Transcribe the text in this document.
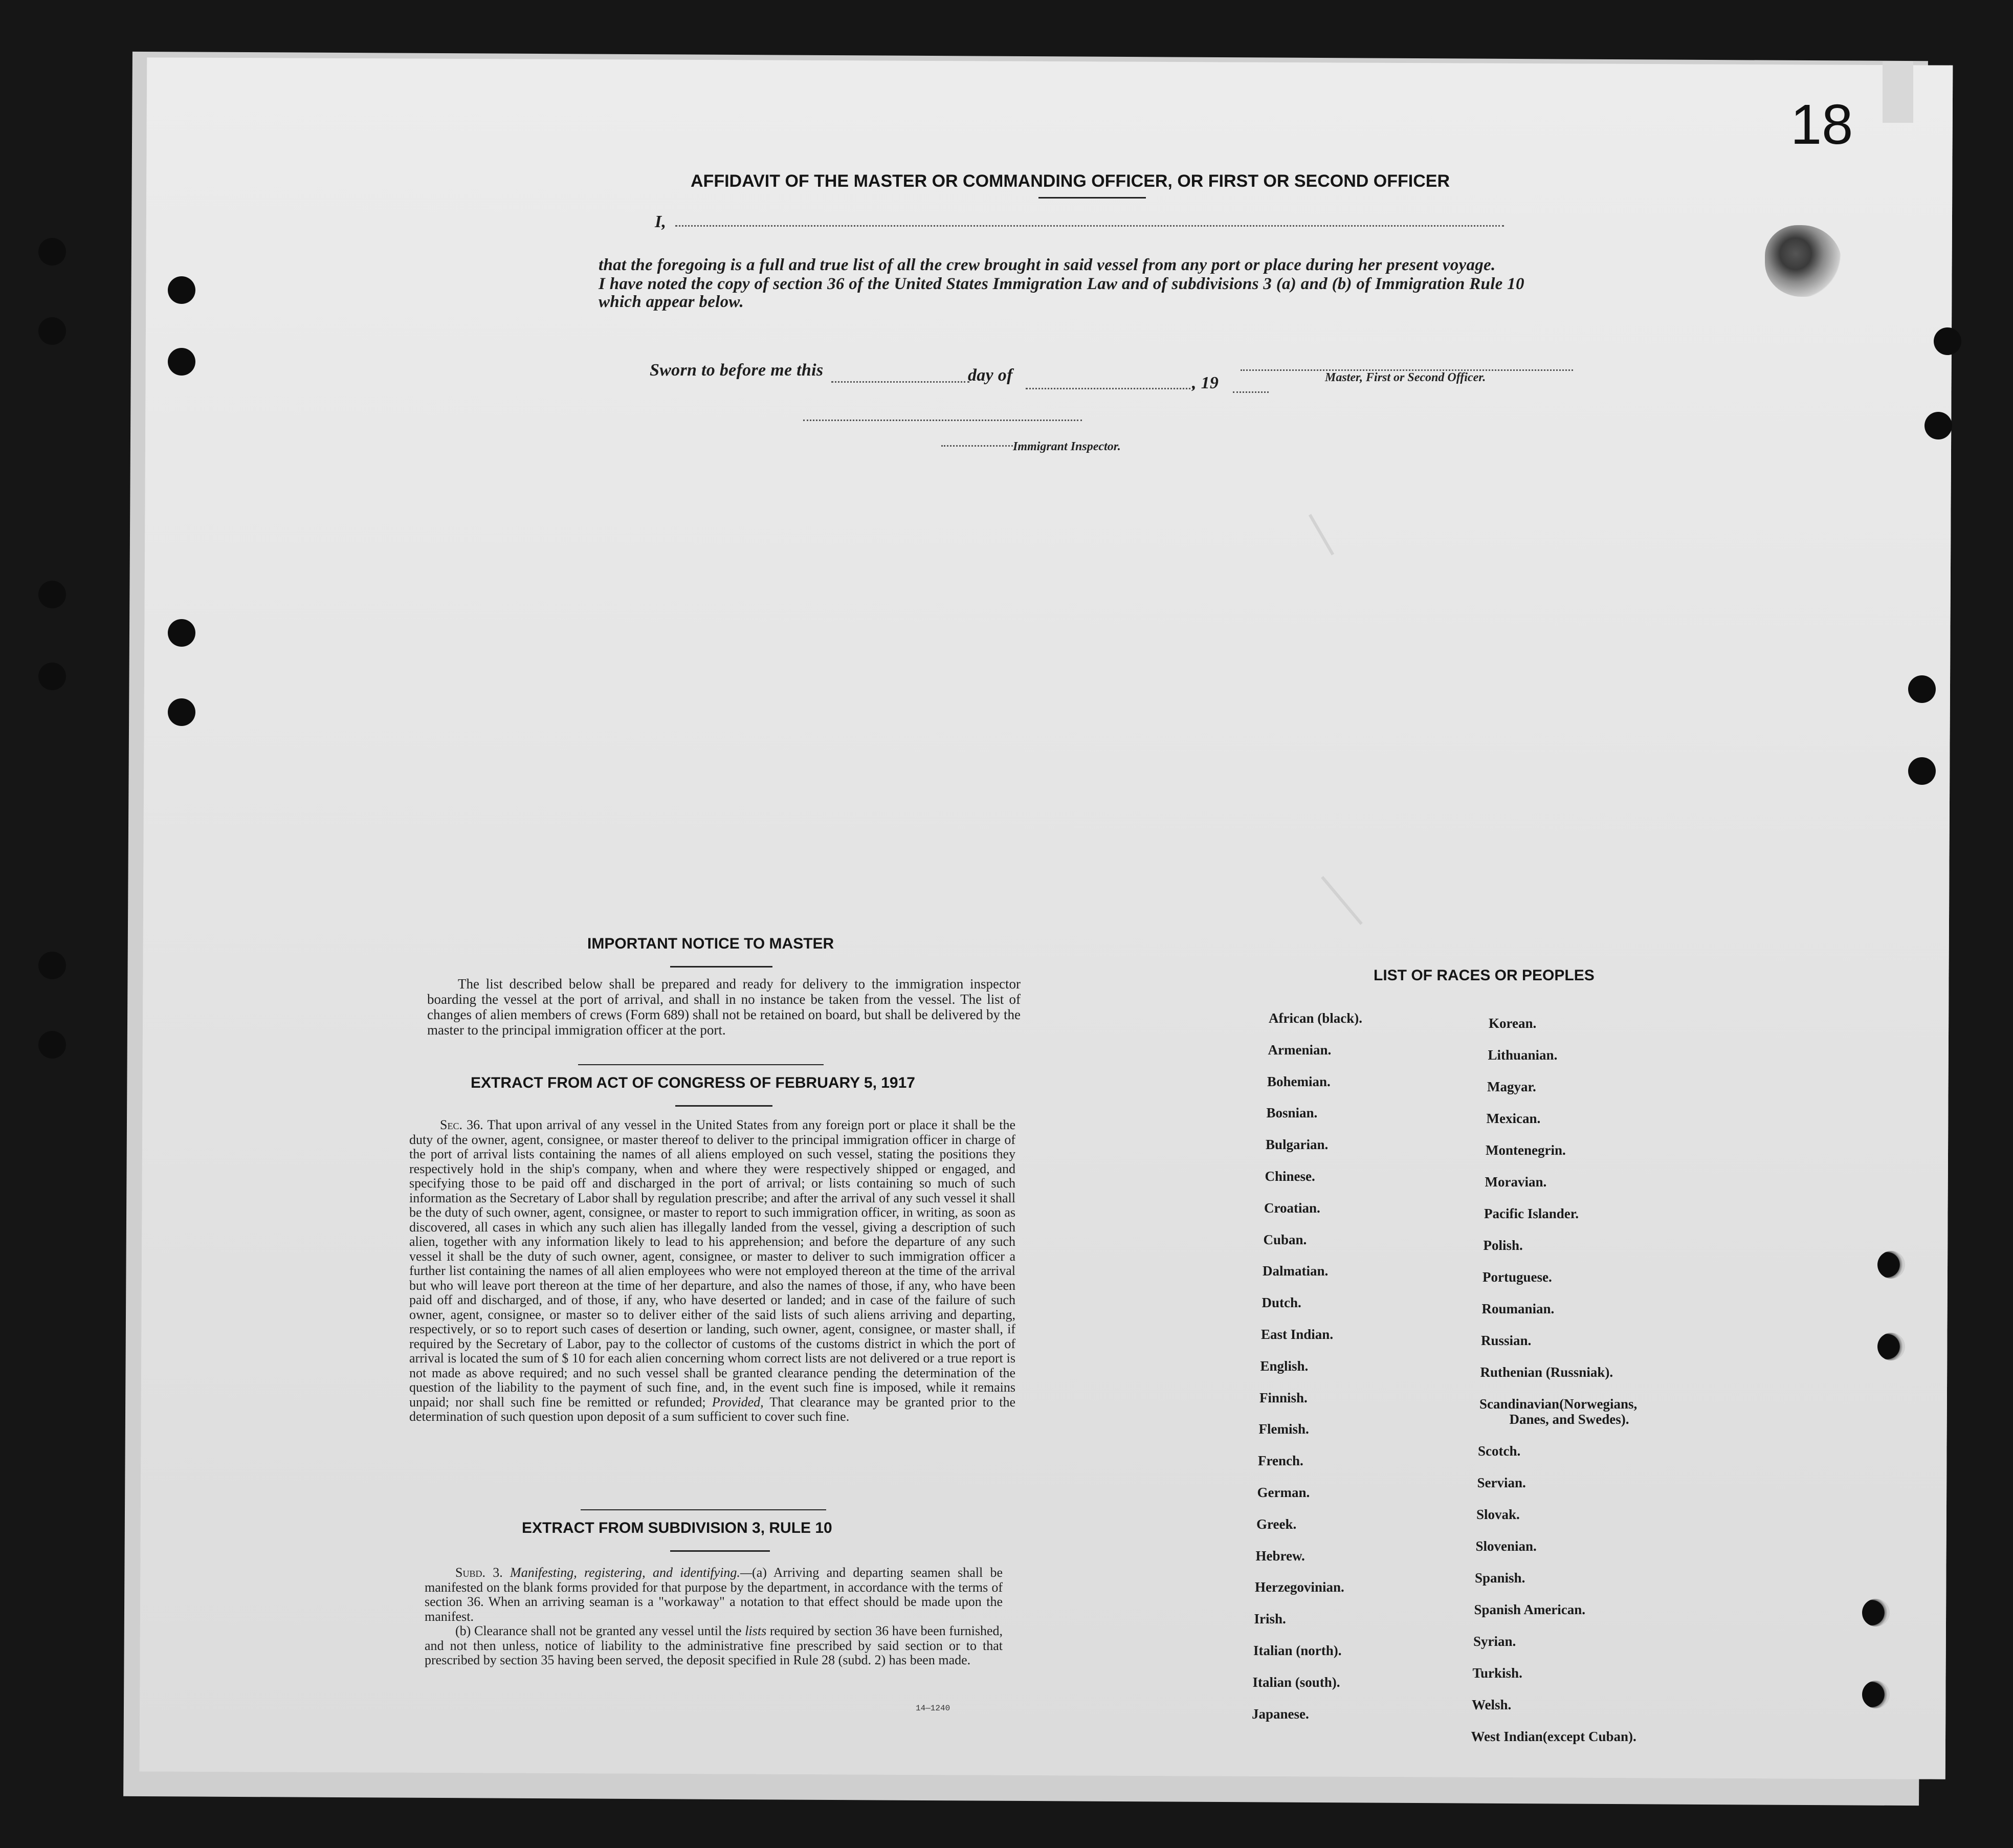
18
AFFIDAVIT OF THE MASTER OR COMMANDING OFFICER, OR FIRST OR SECOND OFFICER
I,
that the foregoing is a full and true list of all the crew brought in said vessel from any port or place during her present voyage.
I have noted the copy of section 36 of the United States Immigration Law and of subdivisions 3 (a) and (b) of Immigration Rule 10
which appear below.
Master, First or Second Officer.
Sworn to before me this	day of	, 19
Immigrant Inspector.
IMPORTANT NOTICE TO MASTER
The list described below shall be prepared and ready for delivery to the immigration inspector boarding the vessel at the port of arrival, and shall in no instance be taken from the vessel. The list of changes of alien members of crews (Form 689) shall not be retained on board, but shall be delivered by the master to the principal immigration officer at the port.
EXTRACT FROM ACT OF CONGRESS OF FEBRUARY 5, 1917
Sec. 36. That upon arrival of any vessel in the United States from any foreign port or place it shall be the duty of the owner, agent, consignee, or master thereof to deliver to the principal immigration officer in charge of the port of arrival lists containing the names of all aliens employed on such vessel, stating the positions they respectively hold in the ship's company, when and where they were respectively shipped or engaged, and specifying those to be paid off and discharged in the port of arrival; or lists containing so much of such information as the Secretary of Labor shall by regulation prescribe; and after the arrival of any such vessel it shall be the duty of such owner, agent, consignee, or master to report to such immigration officer, in writing, as soon as discovered, all cases in which any such alien has illegally landed from the vessel, giving a description of such alien, together with any information likely to lead to his apprehension; and before the departure of any such vessel it shall be the duty of such owner, agent, consignee, or master to deliver to such immigration officer a further list containing the names of all alien employees who were not employed thereon at the time of the arrival but who will leave port thereon at the time of her departure, and also the names of those, if any, who have been paid off and discharged, and of those, if any, who have deserted or landed; and in case of the failure of such owner, agent, consignee, or master so to deliver either of the said lists of such aliens arriving and departing, respectively, or so to report such cases of desertion or landing, such owner, agent, consignee, or master shall, if required by the Secretary of Labor, pay to the collector of customs of the customs district in which the port of arrival is located the sum of $ 10 for each alien concerning whom correct lists are not delivered or a true report is not made as above required; and no such vessel shall be granted clearance pending the determination of the question of the liability to the payment of such fine, and, in the event such fine is imposed, while it remains unpaid; nor shall such fine be remitted or refunded; Provided, That clearance may be granted prior to the determination of such question upon deposit of a sum sufficient to cover such fine.
EXTRACT FROM SUBDIVISION 3, RULE 10
Subd. 3. Manifesting, registering, and identifying.—(a) Arriving and departing seamen shall be manifested on the blank forms provided for that purpose by the department, in accordance with the terms of section 36. When an arriving seaman is a "workaway" a notation to that effect should be made upon the manifest.
(b) Clearance shall not be granted any vessel until the lists required by section 36 have been furnished, and not then unless, notice of liability to the administrative fine prescribed by said section or to that prescribed by section 35 having been served, the deposit specified in Rule 28 (subd. 2) has been made.
14—1240
LIST OF RACES OR PEOPLES
African (black).
Armenian.
Bohemian.
Bosnian.
Bulgarian.
Chinese.
Croatian.
Cuban.
Dalmatian.
Dutch.
East Indian.
English.
Finnish.
Flemish.
French.
German.
Greek.
Hebrew.
Herzegovinian.
Irish.
Italian (north).
Italian (south).
Japanese.
Korean.
Lithuanian.
Magyar.
Mexican.
Montenegrin.
Moravian.
Pacific Islander.
Polish.
Portuguese.
Roumanian.
Russian.
Ruthenian (Russniak).
Scandinavian(Norwegians,
Danes, and Swedes).
Scotch.
Servian.
Slovak.
Slovenian.
Spanish.
Spanish American.
Syrian.
Turkish.
Welsh.
West Indian(except Cuban).
